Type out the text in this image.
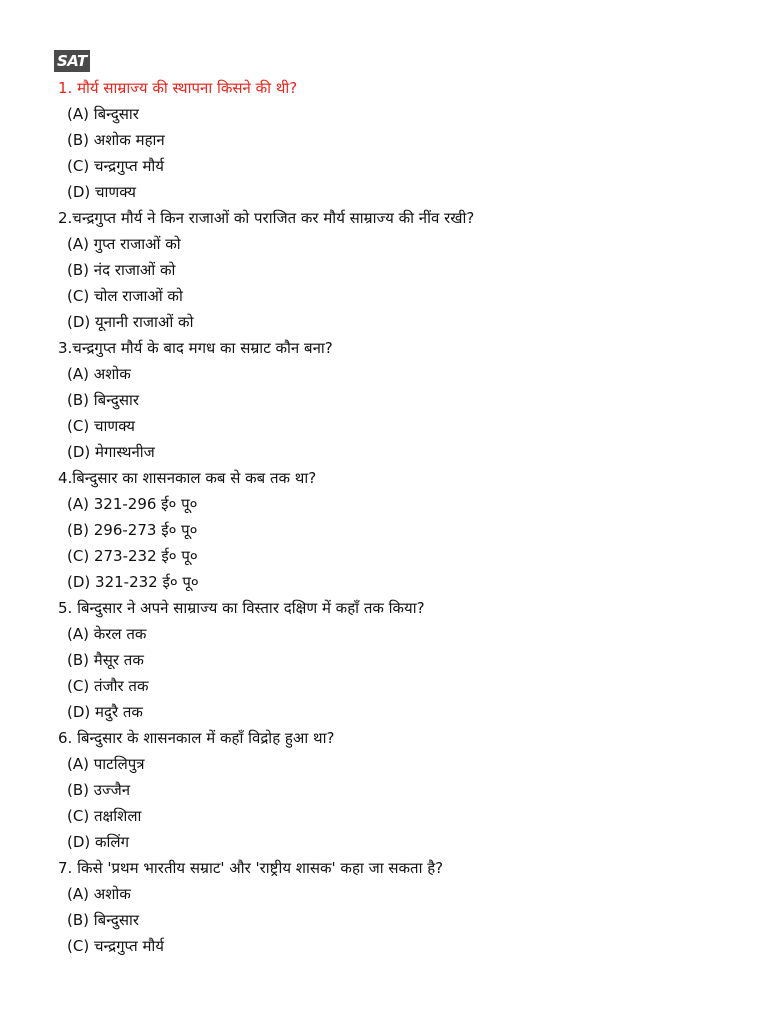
SAT
1. मौर्य साम्राज्य की स्थापना किसने की थी?
(A) बिन्दुसार
(B) अशोक महान
(C) चन्द्रगुप्त मौर्य
(D) चाणक्य
2.चन्द्रगुप्त मौर्य ने किन राजाओं को पराजित कर मौर्य साम्राज्य की नींव रखी?
(A) गुप्त राजाओं को
(B) नंद राजाओं को
(C) चोल राजाओं को
(D) यूनानी राजाओं को
3.चन्द्रगुप्त मौर्य के बाद मगध का सम्राट कौन बना?
(A) अशोक
(B) बिन्दुसार
(C) चाणक्य
(D) मेगास्थनीज
4.बिन्दुसार का शासनकाल कब से कब तक था?
(A) 321-296 ई० पू०
(B) 296-273 ई० पू०
(C) 273-232 ई० पू०
(D) 321-232 ई० पू०
5. बिन्दुसार ने अपने साम्राज्य का विस्तार दक्षिण में कहाँ तक किया?
(A) केरल तक
(B) मैसूर तक
(C) तंजौर तक
(D) मदुरै तक
6. बिन्दुसार के शासनकाल में कहाँ विद्रोह हुआ था?
(A) पाटलिपुत्र
(B) उज्जैन
(C) तक्षशिला
(D) कलिंग
7. किसे 'प्रथम भारतीय सम्राट' और 'राष्ट्रीय शासक' कहा जा सकता है?
(A) अशोक
(B) बिन्दुसार
(C) चन्द्रगुप्त मौर्य
